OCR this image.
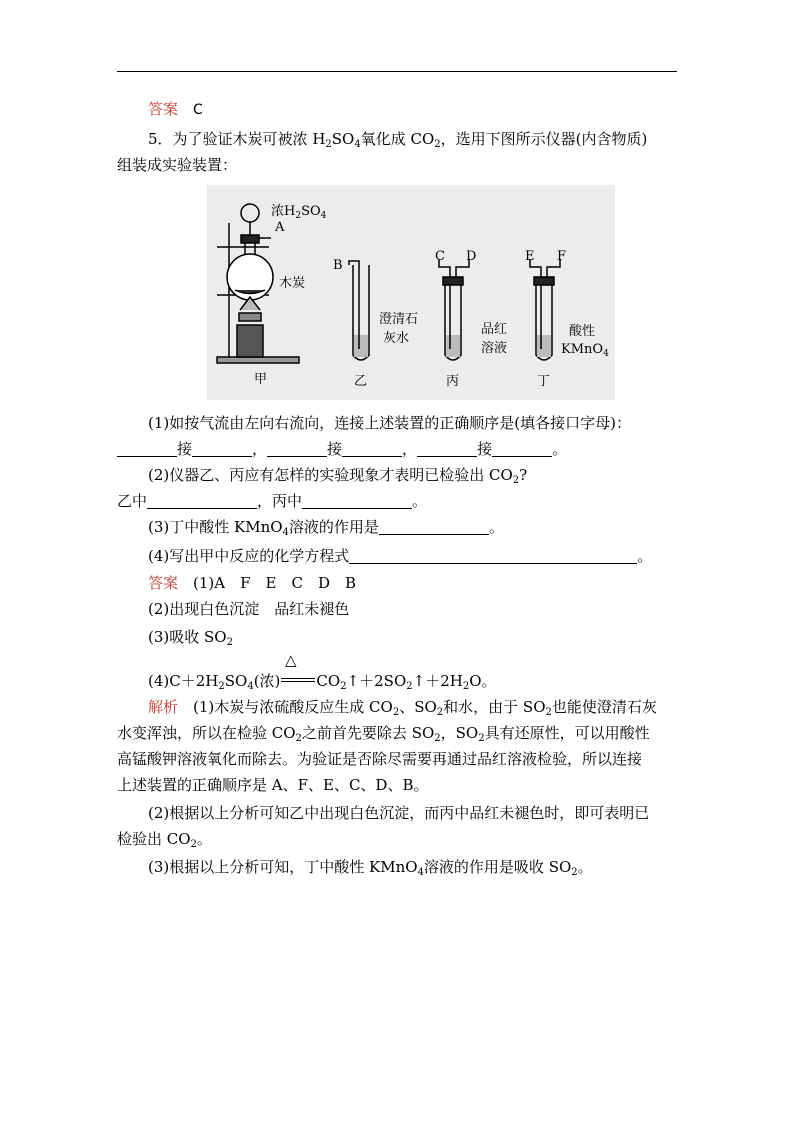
答案　 C
5．为了验证木炭可被浓 $H_2SO_4$氧化成 $CO_2$，选用下图所示仪器(内含物质)
组装成实验装置：
浓$H_2SO_4$
A
木炭
B
C D	E F
澄清石
灰水
品红
溶液
酸性
KMnO$_4$
甲	乙	丙	丁
(1)如按气流由左向右流向，连接上述装置的正确顺序是(填各接口字母)：
接	，	接	，	接	。
(2)仪器乙、丙应有怎样的实验现象才表明已检验出 $CO_2$?
乙中	，丙中	。
(3)丁中酸性 KMnO$_4$溶液的作用是	。
(4)写出甲中反应的化学方程式	。
答案　 (1)A　F　E　C　D　B
(2)出现白色沉淀　品红未褪色
(3)吸收 $SO_2$
△
$(4)C+2H_2SO_4$(浓) $CO_2↑+2SO_2↑+2H_2O$。
解析　 (1)木炭与浓硫酸反应生成 $CO_2$、$SO_2$和水，由于 $SO_2$也能使澄清石灰
水变浑浊，所以在检验 $CO_2$之前首先要除去 $SO_2$，$SO_2$具有还原性，可以用酸性
高锰酸钾溶液氧化而除去。为验证是否除尽需要再通过品红溶液检验，所以连接
上述装置的正确顺序是 A、F、E、C、D、B。
(2)根据以上分析可知乙中出现白色沉淀，而丙中品红未褪色时，即可表明已
检验出 $CO_2$。
(3)根据以上分析可知，丁中酸性 KMnO$_4$溶液的作用是吸收 $SO_2$。
